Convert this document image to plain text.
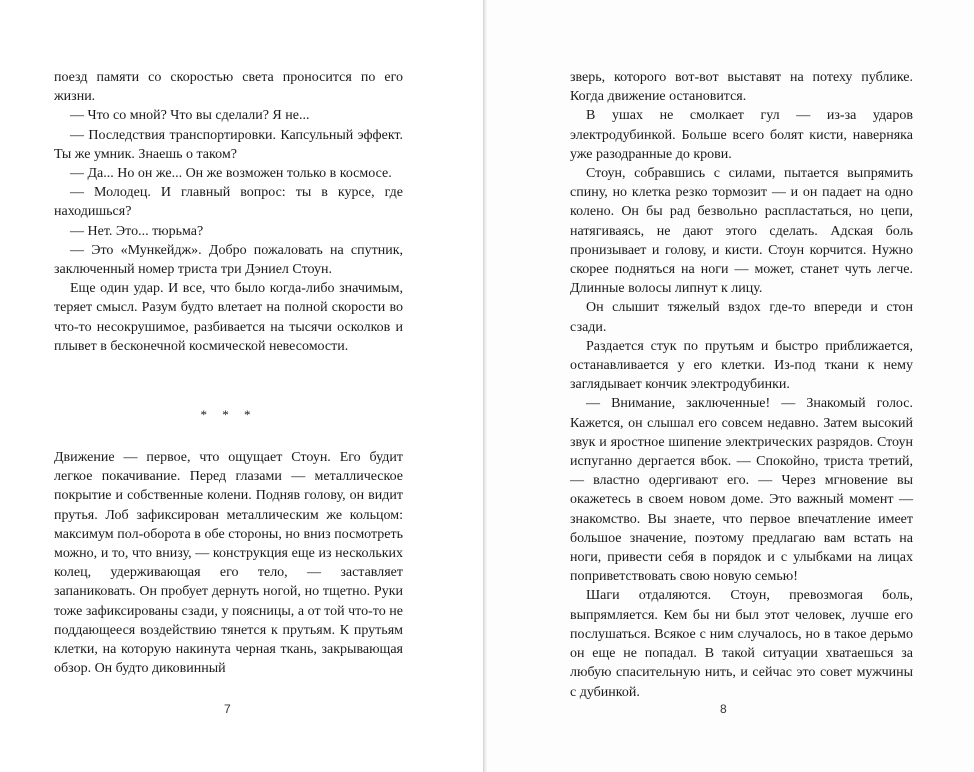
поезд памяти со скоростью света проносится по его жизни.

— Что со мной? Что вы сделали? Я не...

— Последствия транспортировки. Капсульный эффект. Ты же умник. Знаешь о таком?

— Да... Но он же... Он же возможен только в космосе.

— Молодец. И главный вопрос: ты в курсе, где находишься?

— Нет. Это... тюрьма?

— Это «Мункейдж». Добро пожаловать на спутник, заключенный номер триста три Дэниел Стоун.

Еще один удар. И все, что было когда-либо значимым, теряет смысл. Разум будто влетает на полной скорости во что-то несокрушимое, разбивается на тысячи осколков и плывет в бесконечной космической невесомости.

* * *

Движение — первое, что ощущает Стоун. Его будит легкое покачивание. Перед глазами — металлическое покрытие и собственные колени. Подняв голову, он видит прутья. Лоб зафиксирован металлическим же кольцом: максимум пол-оборота в обе стороны, но вниз посмотреть можно, и то, что внизу, — конструкция еще из нескольких колец, удерживающая его тело, — заставляет запаниковать. Он пробует дернуть ногой, но тщетно. Руки тоже зафиксированы сзади, у поясницы, а от той что-то не поддающееся воздействию тянется к прутьям. К прутьям клетки, на которую накинута черная ткань, закрывающая обзор. Он будто диковинный

7

зверь, которого вот-вот выставят на потеху публике. Когда движение остановится.

В ушах не смолкает гул — из-за ударов электродубинкой. Больше всего болят кисти, наверняка уже разодранные до крови.

Стоун, собравшись с силами, пытается выпрямить спину, но клетка резко тормозит — и он падает на одно колено. Он бы рад безвольно распластаться, но цепи, натягиваясь, не дают этого сделать. Адская боль пронизывает и голову, и кисти. Стоун корчится. Нужно скорее подняться на ноги — может, станет чуть легче. Длинные волосы липнут к лицу.

Он слышит тяжелый вздох где-то впереди и стон сзади.

Раздается стук по прутьям и быстро приближается, останавливается у его клетки. Из-под ткани к нему заглядывает кончик электродубинки.

— Внимание, заключенные! — Знакомый голос. Кажется, он слышал его совсем недавно. Затем высокий звук и яростное шипение электрических разрядов. Стоун испуганно дергается вбок. — Спокойно, триста третий, — властно одергивают его. — Через мгновение вы окажетесь в своем новом доме. Это важный момент — знакомство. Вы знаете, что первое впечатление имеет большое значение, поэтому предлагаю вам встать на ноги, привести себя в порядок и с улыбками на лицах поприветствовать свою новую семью!

Шаги отдаляются. Стоун, превозмогая боль, выпрямляется. Кем бы ни был этот человек, лучше его послушаться. Всякое с ним случалось, но в такое дерьмо он еще не попадал. В такой ситуации хватаешься за любую спасительную нить, и сейчас это совет мужчины с дубинкой.

8
